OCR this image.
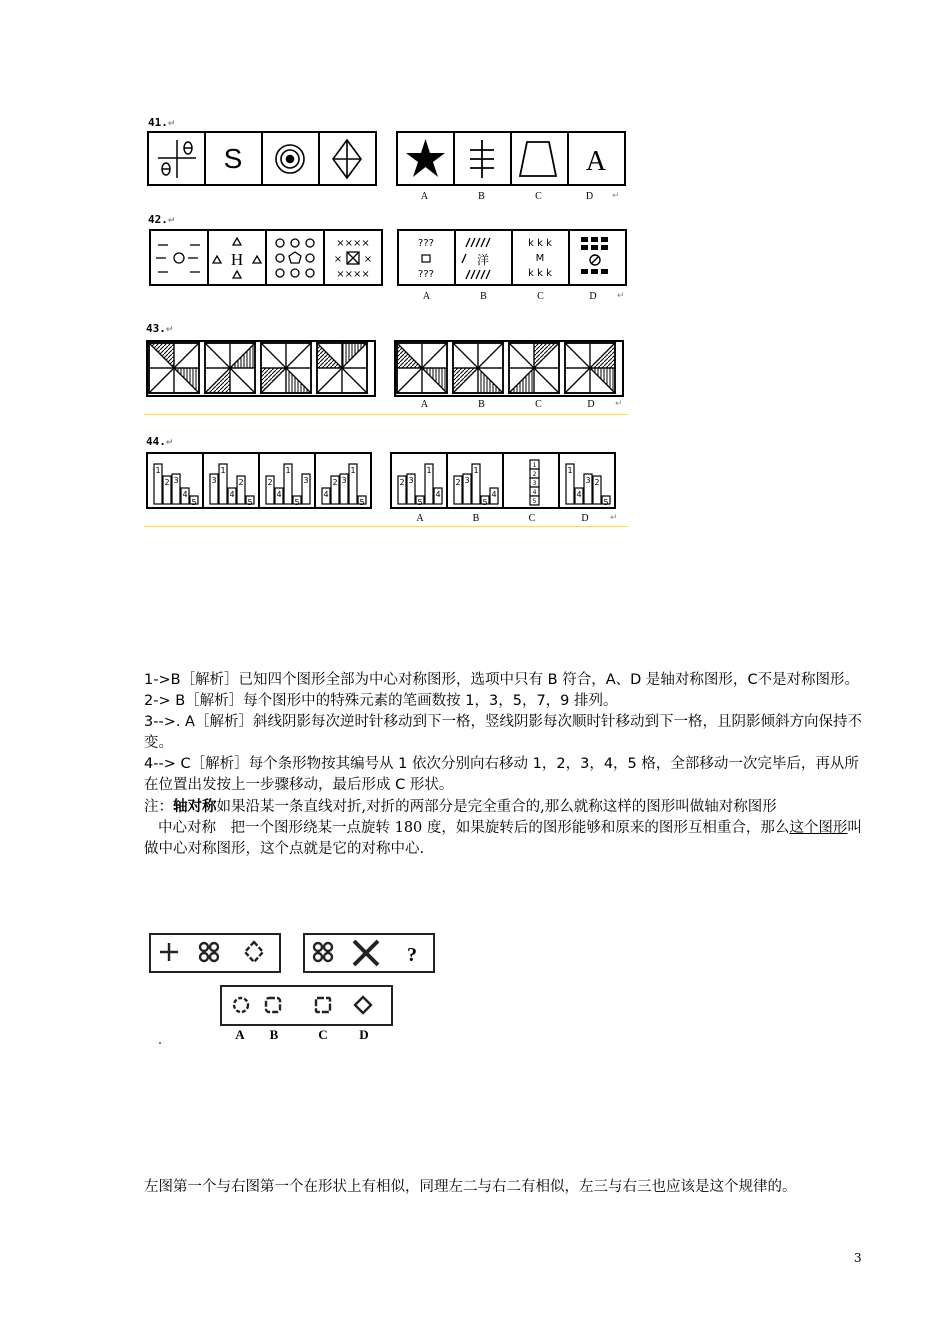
41.↵
S	A
A	B	C	D	↵
42.↵
H
××××
× ×
××××
???
???
k k k
M
k k k
洋
A	B	C	D	↵
43.↵
A	B	C	D	↵
44.↵
1
2 3
4
5
3
1
4
2
5
2
4
1
5
3
4
2 3
1
5
2 3
5
1
4
2 3
1
5
4
1
2
3
4
5
1
4
3 2
5
A	B	C	D	↵

1->B［解析］已知四个图形全部为中心对称图形，选项中只有 B 符合，A、D 是轴对称图形，C不是对称图形。

2-> B［解析］每个图形中的特殊元素的笔画数按 1，3，5，7，9 排列。

3-->. A［解析］斜线阴影每次逆时针移动到下一格，竖线阴影每次顺时针移动到下一格，且阴影倾斜方向保持不变。

4--> C［解析］每个条形物按其编号从 1 依次分别向右移动 1，2，3，4，5 格，全部移动一次完毕后，再从所在位置出发按上一步骤移动，最后形成 C 形状。

注：轴对称如果沿某一条直线对折,对折的两部分是完全重合的,那么就称这样的图形叫做轴对称图形

中心对称　把一个图形绕某一点旋转 180 度，如果旋转后的图形能够和原来的图形互相重合，那么这个图形叫做中心对称图形，这个点就是它的对称中心.

?
A B	C D

左图第一个与右图第一个在形状上有相似，同理左二与右二有相似，左三与右三也应该是这个规律的。

3
